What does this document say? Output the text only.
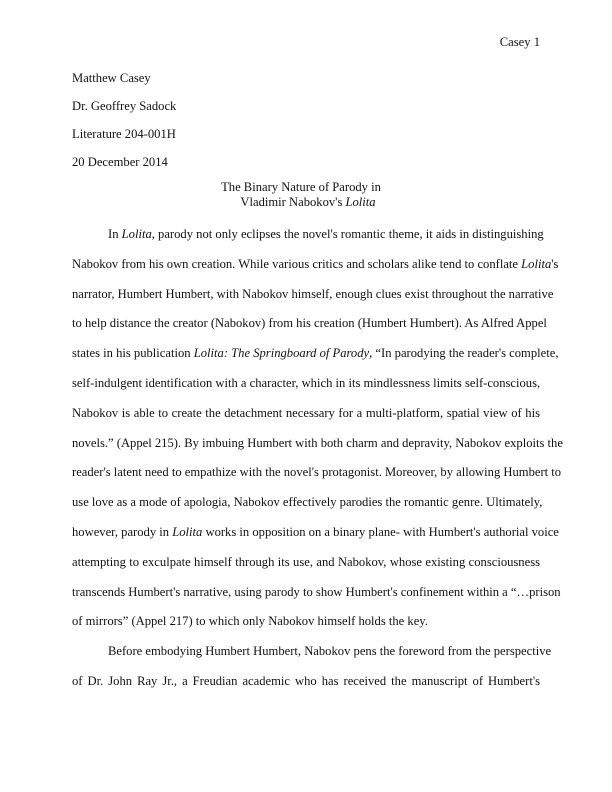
Casey 1
Matthew Casey
Dr. Geoffrey Sadock
Literature 204-001H
20 December 2014
The Binary Nature of Parody in
Vladimir Nabokov's Lolita
In Lolita, parody not only eclipses the novel's romantic theme, it aids in distinguishing
Nabokov from his own creation. While various critics and scholars alike tend to conflate Lolita's
narrator, Humbert Humbert, with Nabokov himself, enough clues exist throughout the narrative
to help distance the creator (Nabokov) from his creation (Humbert Humbert). As Alfred Appel
states in his publication Lolita: The Springboard of Parody, “In parodying the reader's complete,
self-indulgent identification with a character, which in its mindlessness limits self-conscious,
Nabokov is able to create the detachment necessary for a multi-platform, spatial view of his
novels.” (Appel 215). By imbuing Humbert with both charm and depravity, Nabokov exploits the
reader's latent need to empathize with the novel's protagonist. Moreover, by allowing Humbert to
use love as a mode of apologia, Nabokov effectively parodies the romantic genre. Ultimately,
however, parody in Lolita works in opposition on a binary plane- with Humbert's authorial voice
attempting to exculpate himself through its use, and Nabokov, whose existing consciousness
transcends Humbert's narrative, using parody to show Humbert's confinement within a “…prison
of mirrors” (Appel 217) to which only Nabokov himself holds the key.
Before embodying Humbert Humbert, Nabokov pens the foreword from the perspective
of Dr. John Ray Jr., a Freudian academic who has received the manuscript of Humbert's
